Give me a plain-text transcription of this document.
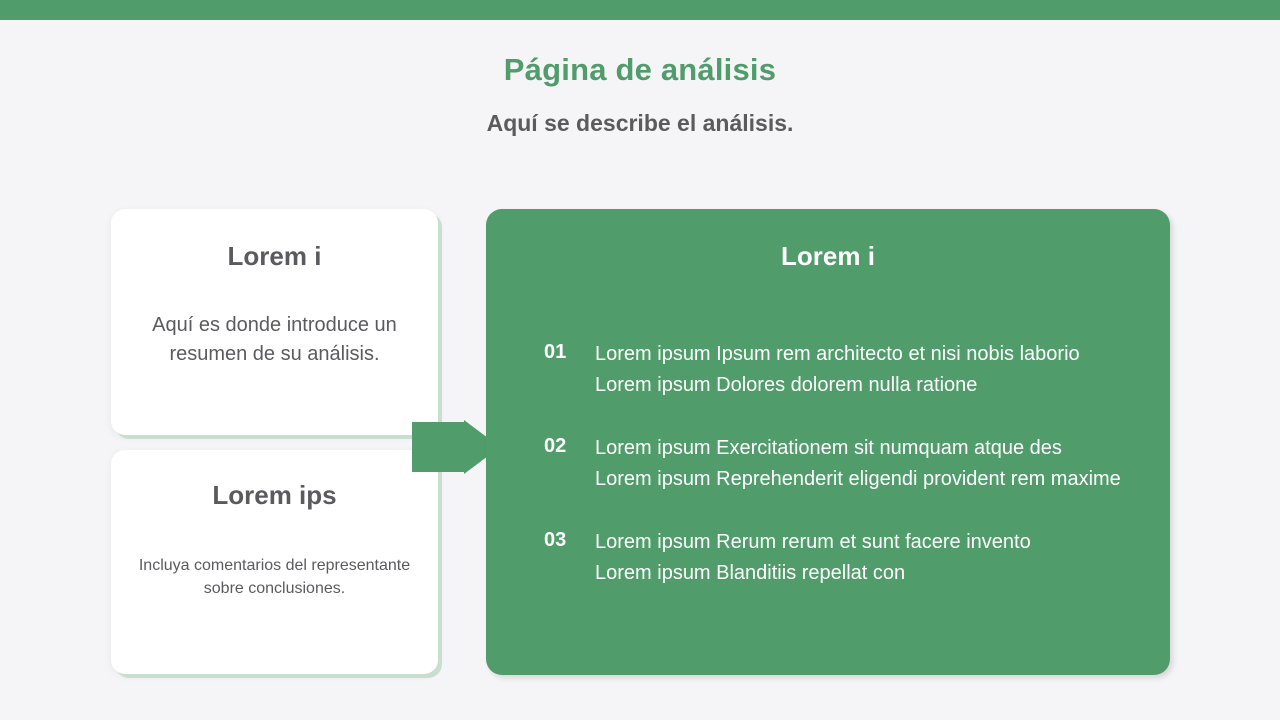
Página de análisis
Aquí se describe el análisis.
Lorem i

Aquí es donde introduce un resumen de su análisis.

Lorem ips

Incluya comentarios del representante sobre conclusiones.

Lorem i
01 Lorem ipsum Ipsum rem architecto et nisi nobis laborio
Lorem ipsum Dolores dolorem nulla ratione
02 Lorem ipsum Exercitationem sit numquam atque des
Lorem ipsum Reprehenderit eligendi provident rem maxime
03 Lorem ipsum Rerum rerum et sunt facere invento
Lorem ipsum Blanditiis repellat con
